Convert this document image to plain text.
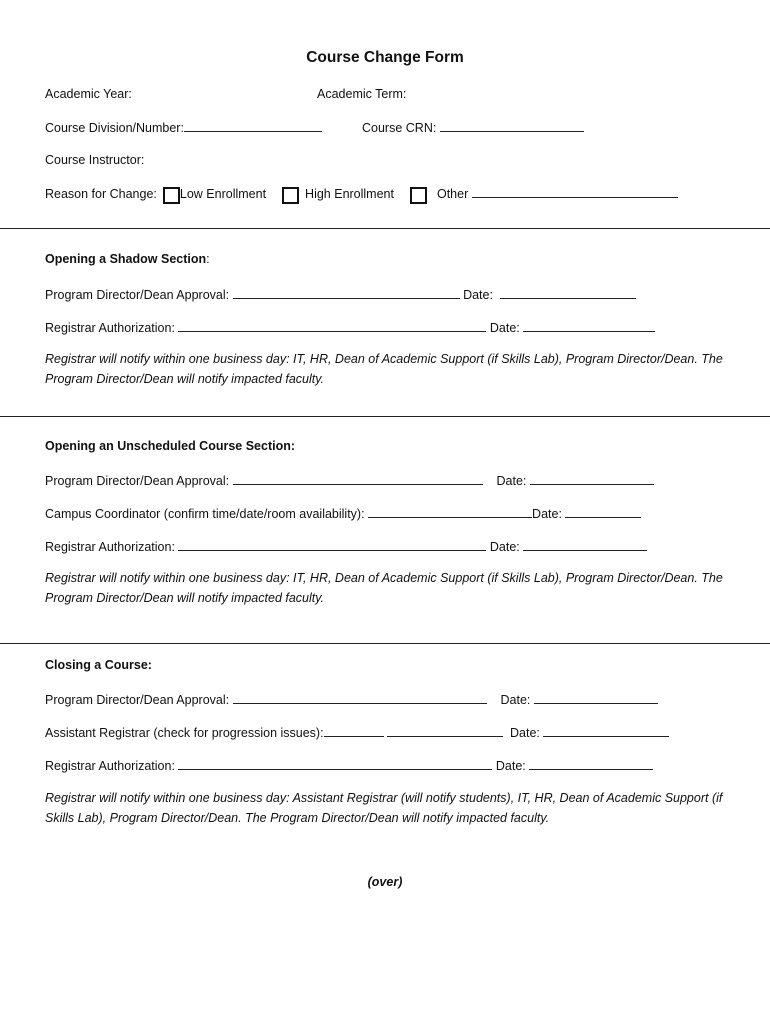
Course Change Form
Academic Year:	Academic Term:
Course Division/Number:	Course CRN:
Course Instructor:
Reason for Change: Low Enrollment	High Enrollment	Other
Opening a Shadow Section:
Program Director/Dean Approval:	Date:
Registrar Authorization:	Date:
Registrar will notify within one business day: IT, HR, Dean of Academic Support (if Skills Lab), Program Director/Dean. The Program Director/Dean will notify impacted faculty.
Opening an Unscheduled Course Section:
Program Director/Dean Approval:	Date:
Campus Coordinator (confirm time/date/room availability):	Date:
Registrar Authorization:	Date:
Registrar will notify within one business day: IT, HR, Dean of Academic Support (if Skills Lab), Program Director/Dean. The Program Director/Dean will notify impacted faculty.
Closing a Course:
Program Director/Dean Approval:	Date:
Assistant Registrar (check for progression issues):	Date:
Registrar Authorization:	Date:
Registrar will notify within one business day: Assistant Registrar (will notify students), IT, HR, Dean of Academic Support (if Skills Lab), Program Director/Dean. The Program Director/Dean will notify impacted faculty.
(over)
